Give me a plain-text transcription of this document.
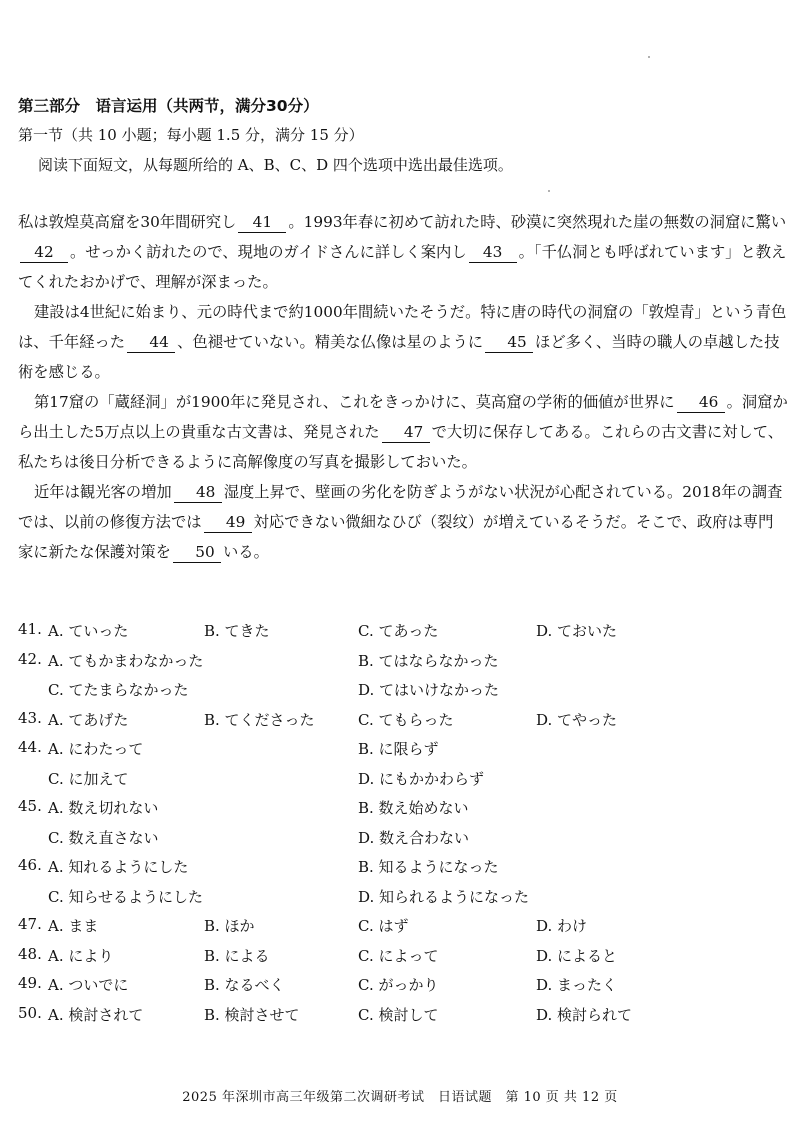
第三部分　语言运用（共两节，满分30分）
第一节（共 10 小题；每小题 1.5 分，满分 15 分）
阅读下面短文，从每题所给的 A、B、C、D 四个选项中选出最佳选项。

私は敦煌莫高窟を30年間研究し 41 。1993年春に初めて訪れた時、砂漠に突然現れた崖の無数の洞窟に驚い42 。せっかく訪れたので、現地のガイドさんに詳しく案内し 43 。「千仏洞とも呼ばれています」と教えてくれたおかげで、理解が深まった。

建設は4世紀に始まり、元の時代まで約1000年間続いたそうだ。特に唐の時代の洞窟の「敦煌青」という青色は、千年経った 44 、色褪せていない。精美な仏像は星のように 45 ほど多く、当時の職人の卓越した技術を感じる。

第17窟の「蔵経洞」が1900年に発見され、これをきっかけに、莫高窟の学術的価値が世界に 46 。洞窟から出土した5万点以上の貴重な古文書は、発見された 47 で大切に保存してある。これらの古文書に対して、私たちは後日分析できるように高解像度の写真を撮影しておいた。

近年は観光客の増加 48 湿度上昇で、壁画の劣化を防ぎようがない状況が心配されている。2018年の調査では、以前の修復方法では 49 対応できない微細なひび（裂纹）が増えているそうだ。そこで、政府は専門家に新たな保護対策を 50 いる。

41. A. ていった	B. てきた	C. てあった	D. ておいた
42. A. てもかまわなかった	B. てはならなかった
C. てたまらなかった	D. てはいけなかった
43. A. てあげた	B. てくださった	C. てもらった	D. てやった
44. A. にわたって	B. に限らず
C. に加えて	D. にもかかわらず
45. A. 数え切れない	B. 数え始めない
C. 数え直さない	D. 数え合わない
46. A. 知れるようにした	B. 知るようになった
C. 知らせるようにした	D. 知られるようになった
47. A. まま	B. ほか	C. はず	D. わけ
48. A. により	B. による	C. によって	D. によると
49. A. ついでに	B. なるべく	C. がっかり	D. まったく
50. A. 検討されて	B. 検討させて	C. 検討して	D. 検討られて
2025 年深圳市高三年级第二次调研考试　日语试题　第 10 页 共 12 页
